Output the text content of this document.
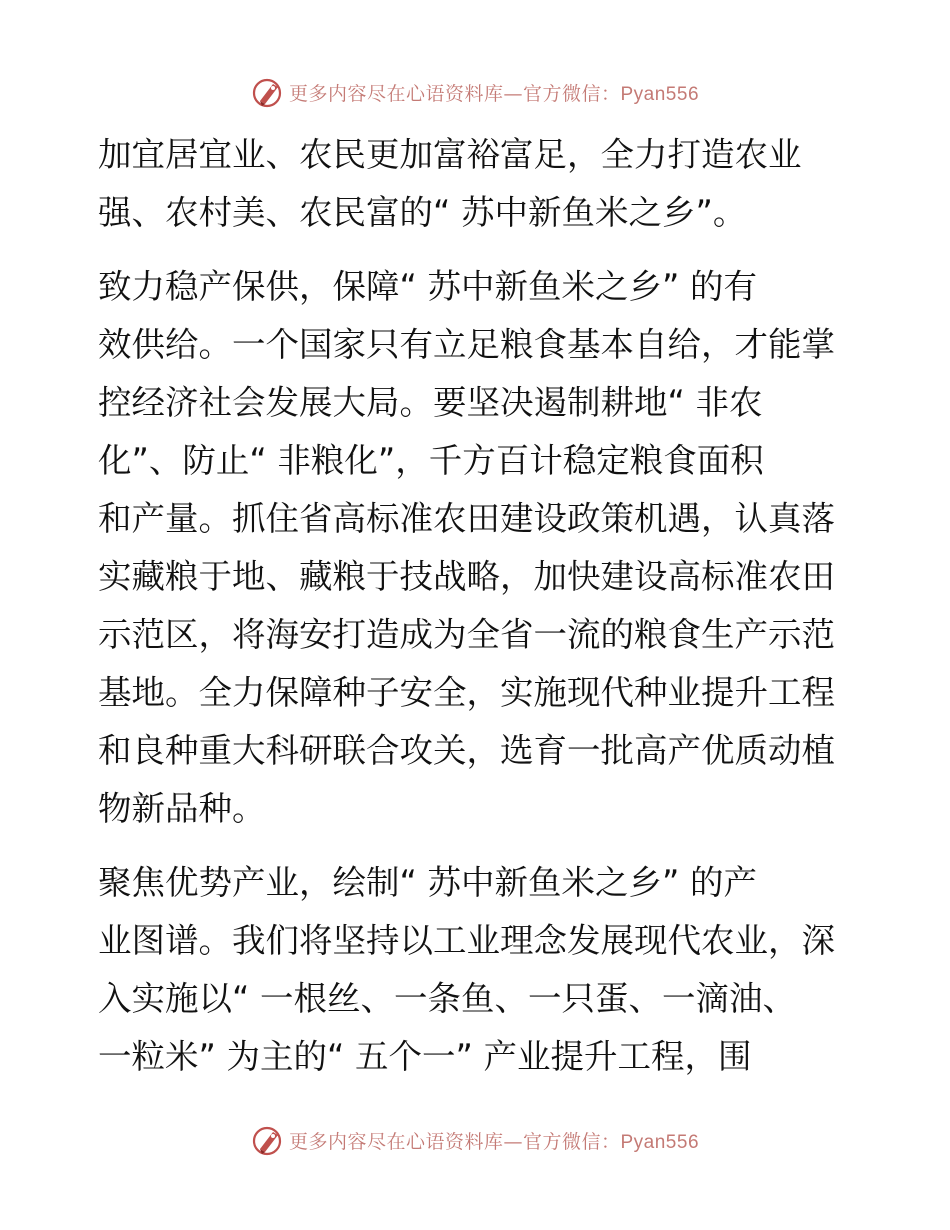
更多内容尽在心语资料库—官方微信：Pyan556
加宜居宜业、农民更加富裕富足，全力打造农业
强、农村美、农民富的“ 苏中新鱼米之乡”。
致力稳产保供，保障“ 苏中新鱼米之乡” 的有
效供给。一个国家只有立足粮食基本自给，才能掌
控经济社会发展大局。要坚决遏制耕地“ 非农
化”、防止“ 非粮化”，千方百计稳定粮食面积
和产量。抓住省高标准农田建设政策机遇，认真落
实藏粮于地、藏粮于技战略，加快建设高标准农田
示范区，将海安打造成为全省一流的粮食生产示范
基地。全力保障种子安全，实施现代种业提升工程
和良种重大科研联合攻关，选育一批高产优质动植
物新品种。
聚焦优势产业，绘制“ 苏中新鱼米之乡” 的产
业图谱。我们将坚持以工业理念发展现代农业，深
入实施以“ 一根丝、一条鱼、一只蛋、一滴油、
一粒米” 为主的“ 五个一” 产业提升工程，围
更多内容尽在心语资料库—官方微信：Pyan556
